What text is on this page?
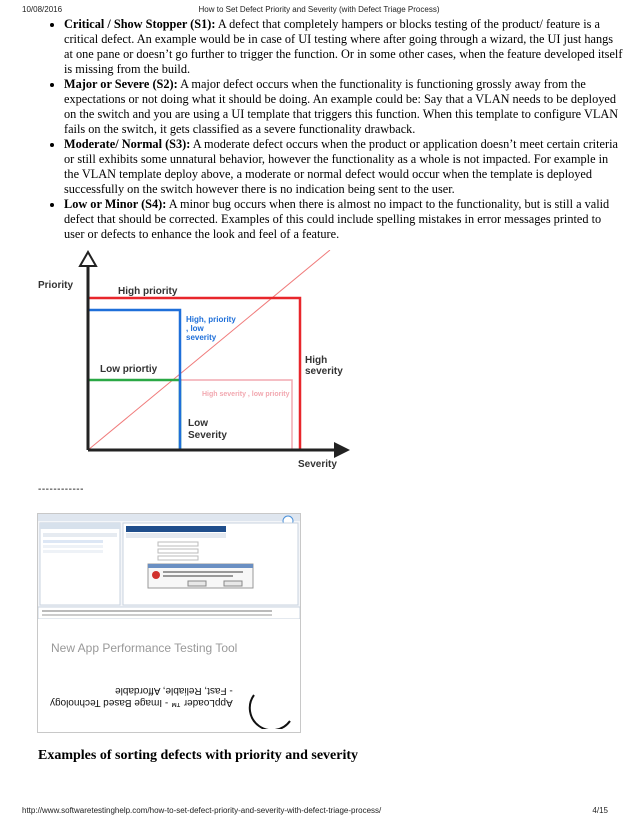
10/08/2016	How to Set Defect Priority and Severity (with Defect Triage Process)
• Critical / Show Stopper (S1): A defect that completely hampers or blocks testing of the product/ feature is a critical defect. An example would be in case of UI testing where after going through a wizard, the UI just hangs at one pane or doesn’t go further to trigger the function. Or in some other cases, when the feature developed itself is missing from the build.
• Major or Severe (S2): A major defect occurs when the functionality is functioning grossly away from the expectations or not doing what it should be doing. An example could be: Say that a VLAN needs to be deployed on the switch and you are using a UI template that triggers this function. When this template to configure VLAN fails on the switch, it gets classified as a severe functionality drawback.
• Moderate/ Normal (S3): A moderate defect occurs when the product or application doesn’t meet certain criteria or still exhibits some unnatural behavior, however the functionality as a whole is not impacted. For example in the VLAN template deploy above, a moderate or normal defect would occur when the template is deployed successfully on the switch however there is no indication being sent to the user.
• Low or Minor (S4): A minor bug occurs when there is almost no impact to the functionality, but is still a valid defect that should be corrected. Examples of this could include spelling mistakes in error messages printed to user or defects to enhance the look and feel of a feature.
Priority
High priority
High, priority
, low
severity
Low priortiy
High
severity
High severity , low priority
Low
Severity
Severity
------------
New App Performance Testing Tool
AppLoader ™ - Image Based Technology
- Fast, Reliable, Affordable
Examples of sorting defects with priority and severity
http://www.softwaretestinghelp.com/how-to-set-defect-priority-and-severity-with-defect-triage-process/	4/15
